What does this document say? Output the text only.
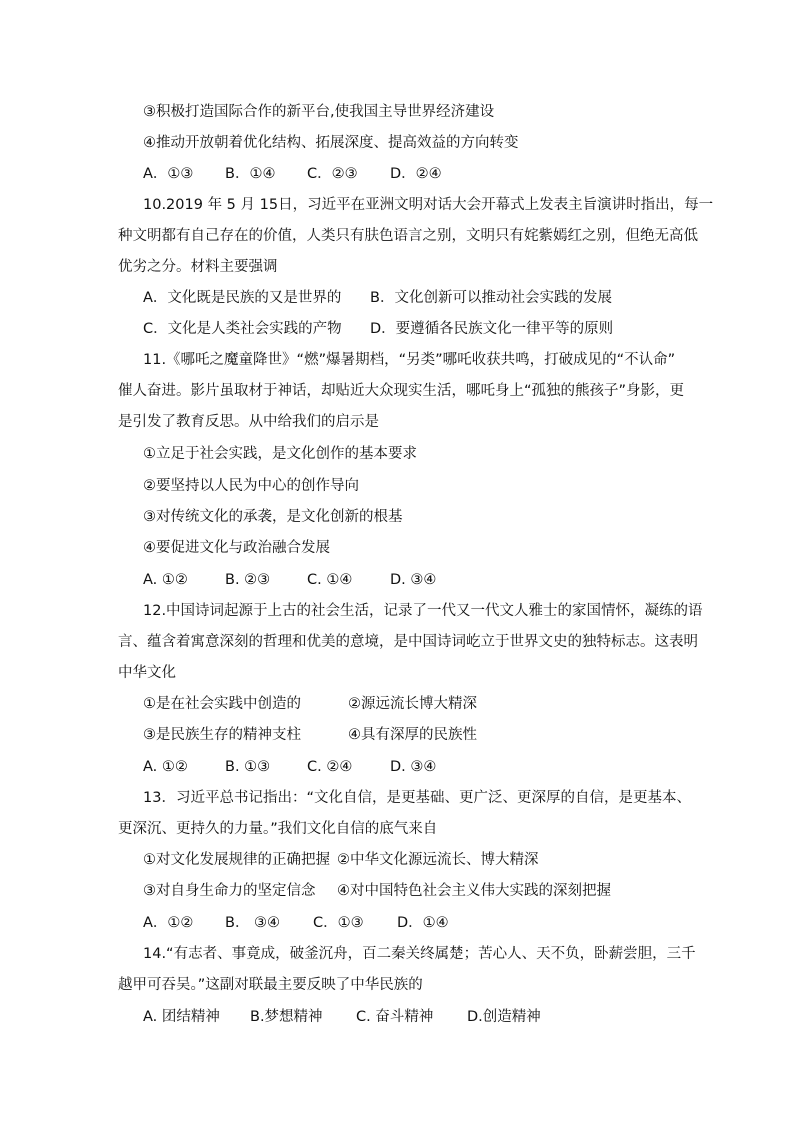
③积极打造国际合作的新平台,使我国主导世界经济建设
④推动开放朝着优化结构、拓展深度、提高效益的方向转变
A．①③ B．①④ C．②③ D．②④
10.2019 年 5 月 15日，习近平在亚洲文明对话大会开幕式上发表主旨演讲时指出，每一
种文明都有自己存在的价值，人类只有肤色语言之别，文明只有姹紫嫣红之别，但绝无高低
优劣之分。材料主要强调
A．文化既是民族的又是世界的 B．文化创新可以推动社会实践的发展
C．文化是人类社会实践的产物 D．要遵循各民族文化一律平等的原则
11.《哪吒之魔童降世》“燃”爆暑期档，“另类”哪吒收获共鸣，打破成见的“不认命”
催人奋进。影片虽取材于神话，却贴近大众现实生活，哪吒身上“孤独的熊孩子”身影，更
是引发了教育反思。从中给我们的启示是
①立足于社会实践，是文化创作的基本要求
②要坚持以人民为中心的创作导向
③对传统文化的承袭，是文化创新的根基
④要促进文化与政治融合发展
A. ①②	B. ②③	C. ①④	D. ③④
12.中国诗词起源于上古的社会生活，记录了一代又一代文人雅士的家国情怀，凝练的语
言、蕴含着寓意深刻的哲理和优美的意境，是中国诗词屹立于世界文史的独特标志。这表明
中华文化
①是在社会实践中创造的	②源远流长博大精深
③是民族生存的精神支柱	④具有深厚的民族性
A. ①②	B. ①③	C. ②④	D. ③④
13．习近平总书记指出：“文化自信，是更基础、更广泛、更深厚的自信，是更基本、
更深沉、更持久的力量。”我们文化自信的底气来自
①对文化发展规律的正确把握 ②中华文化源远流长、博大精深
③对自身生命力的坚定信念 ④对中国特色社会主义伟大实践的深刻把握
A．①② B． ③④ C．①③ D．①④
14.“有志者、事竟成，破釜沉舟，百二秦关终属楚；苦心人、天不负，卧薪尝胆，三千
越甲可吞吴。”这副对联最主要反映了中华民族的
A. 团结精神 B.梦想精神 C. 奋斗精神 D.创造精神
